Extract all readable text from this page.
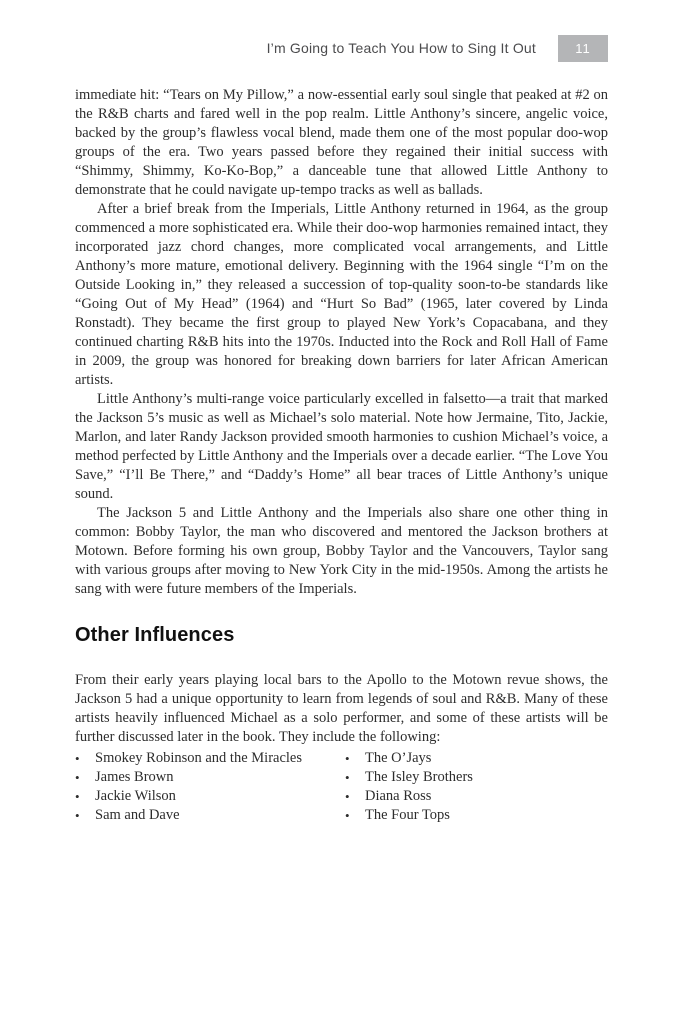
I’m Going to Teach You How to Sing It Out	11

immediate hit: “Tears on My Pillow,” a now-essential early soul single that peaked at #2 on the R&B charts and fared well in the pop realm. Little Anthony’s sincere, angelic voice, backed by the group’s flawless vocal blend, made them one of the most popular doo-wop groups of the era. Two years passed before they regained their initial success with “Shimmy, Shimmy, Ko-Ko-Bop,” a danceable tune that allowed Little Anthony to demonstrate that he could navigate up-tempo tracks as well as ballads.

After a brief break from the Imperials, Little Anthony returned in 1964, as the group commenced a more sophisticated era. While their doo-wop harmonies remained intact, they incorporated jazz chord changes, more complicated vocal arrangements, and Little Anthony’s more mature, emotional delivery. Beginning with the 1964 single “I’m on the Outside Looking in,” they released a succession of top-quality soon-to-be standards like “Going Out of My Head” (1964) and “Hurt So Bad” (1965, later covered by Linda Ronstadt). They became the first group to played New York’s Copacabana, and they continued charting R&B hits into the 1970s. Inducted into the Rock and Roll Hall of Fame in 2009, the group was honored for breaking down barriers for later African American artists.

Little Anthony’s multi-range voice particularly excelled in falsetto—a trait that marked the Jackson 5’s music as well as Michael’s solo material. Note how Jermaine, Tito, Jackie, Marlon, and later Randy Jackson provided smooth harmonies to cushion Michael’s voice, a method perfected by Little Anthony and the Imperials over a decade earlier. “The Love You Save,” “I’ll Be There,” and “Daddy’s Home” all bear traces of Little Anthony’s unique sound.

The Jackson 5 and Little Anthony and the Imperials also share one other thing in common: Bobby Taylor, the man who discovered and mentored the Jackson brothers at Motown. Before forming his own group, Bobby Taylor and the Vancouvers, Taylor sang with various groups after moving to New York City in the mid-1950s. Among the artists he sang with were future members of the Imperials.

Other Influences

From their early years playing local bars to the Apollo to the Motown revue shows, the Jackson 5 had a unique opportunity to learn from legends of soul and R&B. Many of these artists heavily influenced Michael as a solo performer, and some of these artists will be further discussed later in the book. They include the following:

•	Smokey Robinson and the Miracles
•	James Brown
•	Jackie Wilson
•	Sam and Dave
•	The O’Jays
•	The Isley Brothers
•	Diana Ross
•	The Four Tops
